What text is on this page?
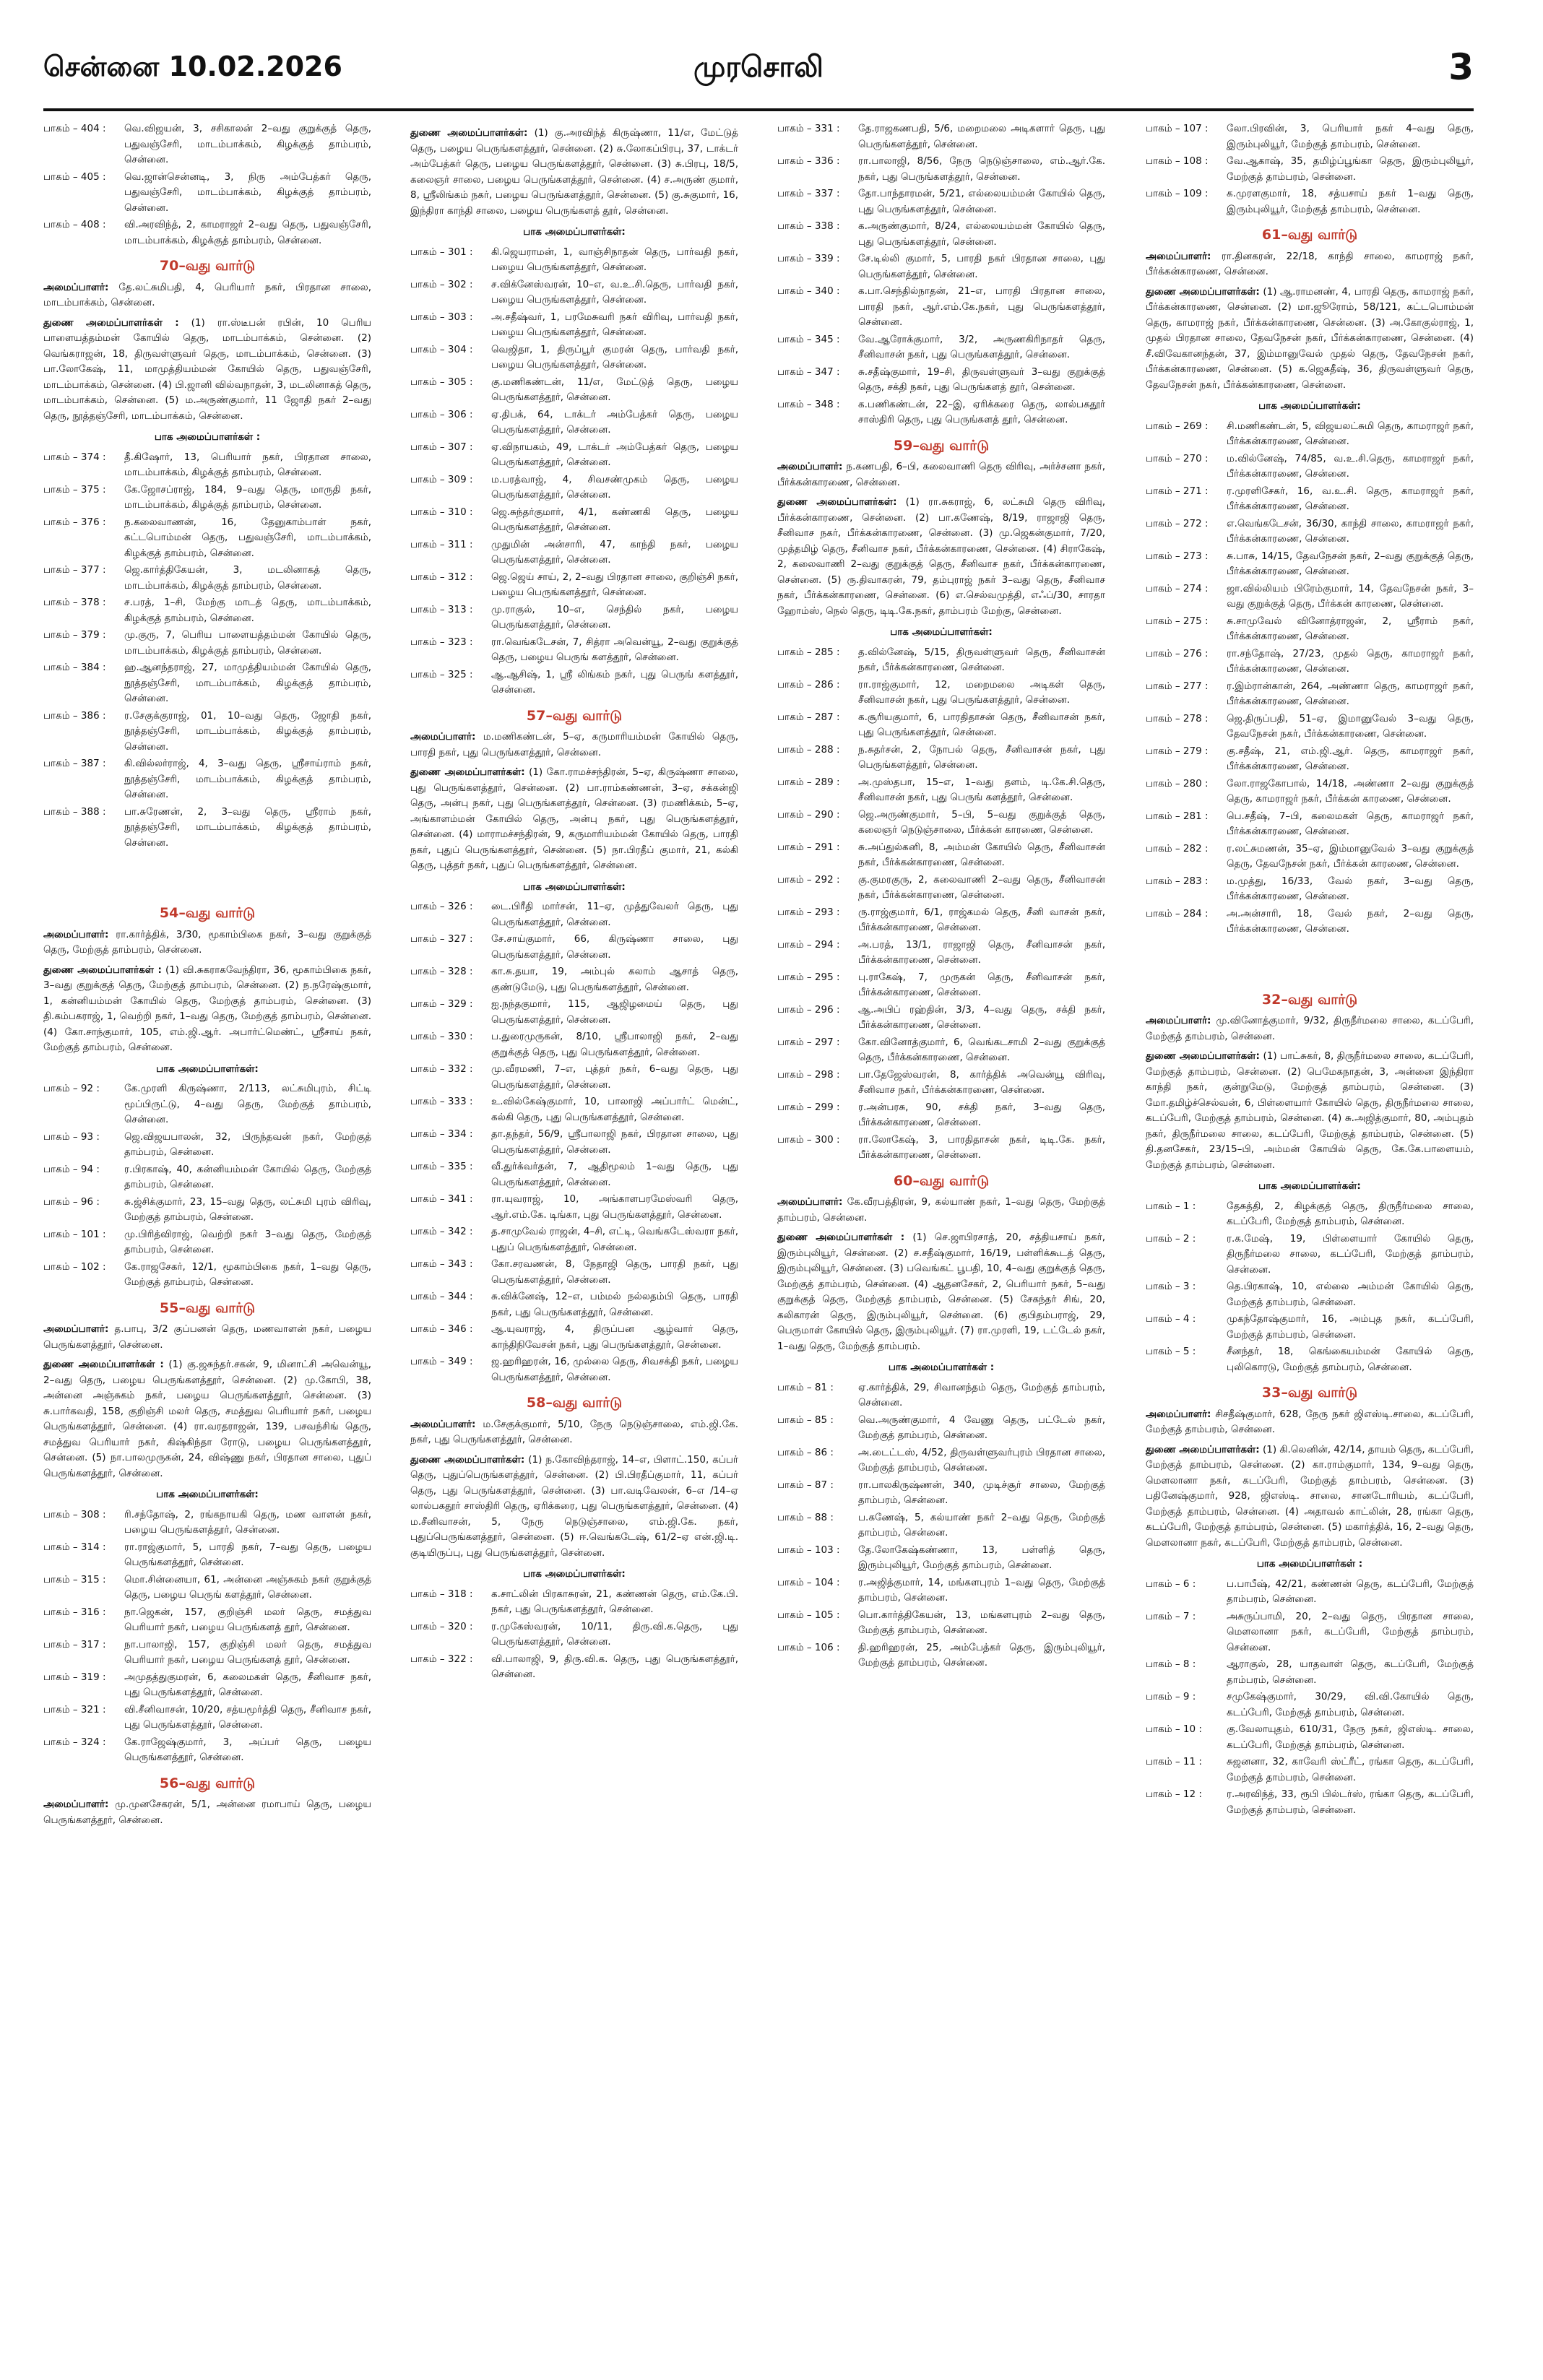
சென்னை 10.02.2026	முரசொலி	3
பாகம் – 404 :	வெ.விஜயன், 3, சசிகாலன் 2–வது குறுக்குத் தெரு, பதுவஞ்சேரி, மாடம்பாக்கம், கிழக்குத் தாம்பரம், சென்னை.
பாகம் – 405 :	வெ.ஜான்சென்னடி, 3, நிரு அம்பேத்கர் தெரு, பதுவஞ்சேரி, மாடம்பாக்கம், கிழக்குத் தாம்பரம், சென்னை.
பாகம் – 408 :	வி.அரவிந்த், 2, காமராஜர் 2–வது தெரு, பதுவஞ்சேரி, மாடம்பாக்கம், கிழக்குத் தாம்பரம், சென்னை.
70–வது வார்டு
அமைப்பாளர்: தே.லட்சுமிபதி, 4, பெரியார் நகர், பிரதான சாலை, மாடம்பாக்கம், சென்னை.
துணை அமைப்பாளர்கள் : (1) ரா.ஸ்டீபன் ரபின், 10 பெரிய பாளையத்தம்மன் கோயில் தெரு, மாடம்பாக்கம், சென்னை. (2) வெங்கராஜன், 18, திருவள்ளுவர் தெரு, மாடம்பாக்கம், சென்னை. (3) பா.லோகேஷ், 11, மாமுத்தியம்மன் கோயில் தெரு, பதுவஞ்சேரி, மாடம்பாக்கம், சென்னை. (4) பி.ஜானி வில்வநாதன், 3, மடலினாகத் தெரு, மாடம்பாக்கம், சென்னை. (5) ம.அருண்குமார், 11 ஜோதி நகர் 2–வது தெரு, நூத்தஞ்சேரி, மாடம்பாக்கம், சென்னை.
பாக அமைப்பாளர்கள் :
பாகம் – 374 :	தீ.கிஷோர், 13, பெரியார் நகர், பிரதான சாலை, மாடம்பாக்கம், கிழக்குத் தாம்பரம், சென்னை.
பாகம் – 375 :	கே.ஜோசப்ராஜ், 184, 9–வது தெரு, மாருதி நகர், மாடம்பாக்கம், கிழக்குத் தாம்பரம், சென்னை.
பாகம் – 376 :	ந.கலைவாணன், 16, தேனுகாம்பாள் நகர், கட்டபொம்மன் தெரு, பதுவஞ்சேரி, மாடம்பாக்கம், கிழக்குத் தாம்பரம், சென்னை.
பாகம் – 377 :	ஜெ.கார்த்திகேயன், 3, மடலினாகத் தெரு, மாடம்பாக்கம், கிழக்குத் தாம்பரம், சென்னை.
பாகம் – 378 :	ச.பரத், 1–சி, மேற்கு மாடத் தெரு, மாடம்பாக்கம், கிழக்குத் தாம்பரம், சென்னை.
பாகம் – 379 :	மு.குரு, 7, பெரிய பாளையத்தம்மன் கோயில் தெரு, மாடம்பாக்கம், கிழக்குத் தாம்பரம், சென்னை.
பாகம் – 384 :	ஹ.ஆனந்தராஜ், 27, மாமுத்தியம்மன் கோயில் தெரு, நூத்தஞ்சேரி, மாடம்பாக்கம், கிழக்குத் தாம்பரம், சென்னை.
பாகம் – 386 :	ர.சேகுக்குராஜ், 01, 10–வது தெரு, ஜோதி நகர், நூத்தஞ்சேரி, மாடம்பாக்கம், கிழக்குத் தாம்பரம், சென்னை.
பாகம் – 387 :	கி.வில்லர்ராஜ், 4, 3–வது தெரு, ஸ்ரீசாய்ராம் நகர், நூத்தஞ்சேரி, மாடம்பாக்கம், கிழக்குத் தாம்பரம், சென்னை.
பாகம் – 388 :	பா.சுரேணன், 2, 3–வது தெரு, ஸ்ரீராம் நகர், நூத்தஞ்சேரி, மாடம்பாக்கம், கிழக்குத் தாம்பரம், சென்னை.
54–வது வார்டு
அமைப்பாளர்: ரா.கார்த்திக், 3/30, மூகாம்பிகை நகர், 3–வது குறுக்குத் தெரு, மேற்குத் தாம்பரம், சென்னை.
துணை அமைப்பாளர்கள் : (1) வி.சுகராகவேந்திரா, 36, மூகாம்பிகை நகர், 3–வது குறுக்குத் தெரு, மேற்குத் தாம்பரம், சென்னை. (2) ந.நரேஷ்குமார், 1, கன்னியம்மன் கோயில் தெரு, மேற்குத் தாம்பரம், சென்னை. (3) தி.கம்பகராஜ், 1, வெற்றி நகர், 1–வது தெரு, மேற்குத் தாம்பரம், சென்னை. (4) கோ.சாந்குமார், 105, எம்.ஜி.ஆர். அபார்ட்மெண்ட், ஸ்ரீசாய் நகர், மேற்குத் தாம்பரம், சென்னை.
பாக அமைப்பாளர்கள்:
பாகம் – 92 :	கே.முரளி கிருஷ்ணா, 2/113, லட்சுமிபுரம், சிட்டி மூப்பிருட்டு, 4–வது தெரு, மேற்குத் தாம்பரம், சென்னை.
பாகம் – 93 :	ஜெ.விஜயபாலன், 32, பிருந்தவன் நகர், மேற்குத் தாம்பரம், சென்னை.
பாகம் – 94 :	ர.பிரகாஷ், 40, கன்னியம்மன் கோயில் தெரு, மேற்குத் தாம்பரம், சென்னை.
பாகம் – 96 :	சு.ஜ்சிக்குமார், 23, 15–வது தெரு, லட்சுமி புரம் விரிவு, மேற்குத் தாம்பரம், சென்னை.
பாகம் – 101 :	மு.பிரித்விராஜ், வெற்றி நகர் 3–வது தெரு, மேற்குத் தாம்பரம், சென்னை.
பாகம் – 102 :	கே.ராஜசேகர், 12/1, மூகாம்பிகை நகர், 1–வது தெரு, மேற்குத் தாம்பரம், சென்னை.
55–வது வார்டு
அமைப்பாளர்: த.பாபு, 3/2 குப்பனன் தெரு, மணவாளன் நகர், பழைய பெருங்களத்தூர், சென்னை.
துணை அமைப்பாளர்கள் : (1) கு.ஜசுந்தர்.சகன், 9, மினாட்சி அவென்யூ, 2–வது தெரு, பழைய பெருங்களத்தூர், சென்னை. (2) மு.கோபி, 38, அன்னை அஞ்சுகம் நகர், பழைய பெருங்களத்தூர், சென்னை. (3) சு.பார்கவதி, 158, குறிஞ்சி மலர் தெரு, சமத்துவ பெரியார் நகர், பழைய பெருங்களத்தூர், சென்னை. (4) ரா.வரதராஜன், 139, பசவந்சிங் தெரு, சமத்துவ பெரியார் நகர், கிஷ்கிந்தா ரோடு, பழைய பெருங்களத்தூர், சென்னை. (5) நா.பாலமுருகன், 24, விஷ்ணு நகர், பிரதான சாலை, புதுப் பெருங்களத்தூர், சென்னை.
பாக அமைப்பாளர்கள்:
பாகம் – 308 :	ரி.சந்தோஷ், 2, ரங்கநாயகி தெரு, மண வாளன் நகர், பழைய பெருங்களத்தூர், சென்னை.
பாகம் – 314 :	ரா.ராஜ்குமார், 5, பாரதி நகர், 7–வது தெரு, பழைய பெருங்களத்தூர், சென்னை.
பாகம் – 315 :	மொ.சின்னையா, 61, அன்னை அஞ்சுகம் நகர் குறுக்குத் தெரு, பழைய பெருங் களத்தூர், சென்னை.
பாகம் – 316 :	நா.ஜெகன், 157, குறிஞ்சி மலர் தெரு, சமத்துவ பெரியார் நகர், பழைய பெருங்களத் தூர், சென்னை.
பாகம் – 317 :	நா.பாலாஜி, 157, குறிஞ்சி மலர் தெரு, சமத்துவ பெரியார் நகர், பழைய பெருங்களத் தூர், சென்னை.
பாகம் – 319 :	அமுதத்துகுமரன், 6, கலைமகள் தெரு, சீனிவாச நகர், புது பெருங்களத்தூர், சென்னை.
பாகம் – 321 :	வி.சீனிவாசன், 10/20, சத்யமூர்த்தி தெரு, சீனிவாச நகர், புது பெருங்களத்தூர், சென்னை.
பாகம் – 324 :	கே.ராஜேஷ்குமார், 3, அப்பர் தெரு, பழைய பெருங்களத்தூர், சென்னை.
56–வது வார்டு
அமைப்பாளர்: மு.முனசேகரன், 5/1, அன்னை ரமாபாய் தெரு, பழைய பெருங்களத்தூர், சென்னை.
துணை அமைப்பாளர்கள்: (1) கு.அரவிந்த் கிருஷ்ணா, 11/எ, மேட்டுத் தெரு, பழைய பெருங்களத்தூர், சென்னை. (2) சு.லோகப்பிரபு, 37, டாக்டர் அம்பேத்கர் தெரு, பழைய பெருங்களத்தூர், சென்னை. (3) சு.பிரபு, 18/5, கலைஞர் சாலை, பழைய பெருங்களத்தூர், சென்னை. (4) ச.அருண் குமார், 8, ஸ்ரீலிங்கம் நகர், பழைய பெருங்களத்தூர், சென்னை. (5) கு.சுகுமார், 16, இந்திரா காந்தி சாலை, பழைய பெருங்களத் தூர், சென்னை.
பாக அமைப்பாளர்கள்:
பாகம் – 301 :	கி.ஜெயராமன், 1, வாஞ்சிநாதன் தெரு, பார்வதி நகர், பழைய பெருங்களத்தூர், சென்னை.
பாகம் – 302 :	ச.விக்னேஸ்வரன், 10–எ, வ.உ.சி.தெரு, பார்வதி நகர், பழைய பெருங்களத்தூர், சென்னை.
பாகம் – 303 :	அ.சதீஷ்வர், 1, பரமேசுவரி நகர் விரிவு, பார்வதி நகர், பழைய பெருங்களத்தூர், சென்னை.
பாகம் – 304 :	வெஜிதா, 1, திருப்பூர் குமரன் தெரு, பார்வதி நகர், பழைய பெருங்களத்தூர், சென்னை.
பாகம் – 305 :	கு.மணிகண்டன், 11/எ, மேட்டுத் தெரு, பழைய பெருங்களத்தூர், சென்னை.
பாகம் – 306 :	ஏ.திபக், 64, டாக்டர் அம்பேத்கர் தெரு, பழைய பெருங்களத்தூர், சென்னை.
பாகம் – 307 :	ஏ.விநாயகம், 49, டாக்டர் அம்பேத்கர் தெரு, பழைய பெருங்களத்தூர், சென்னை.
பாகம் – 309 :	ம.பரத்வாஜ், 4, சிவசண்முகம் தெரு, பழைய பெருங்களத்தூர், சென்னை.
பாகம் – 310 :	ஜெ.சுந்தர்குமார், 4/1, கண்ணகி தெரு, பழைய பெருங்களத்தூர், சென்னை.
பாகம் – 311 :	முதுமின் அன்சாரி, 47, காந்தி நகர், பழைய பெருங்களத்தூர், சென்னை.
பாகம் – 312 :	ஜெ.ஜெய் சாய், 2, 2–வது பிரதான சாலை, குறிஞ்சி நகர், பழைய பெருங்களத்தூர், சென்னை.
பாகம் – 313 :	மு.ராகுல், 10–எ, செந்தில் நகர், பழைய பெருங்களத்தூர், சென்னை.
பாகம் – 323 :	ரா.வெங்கடேசன், 7, சித்ரா அவென்யூ, 2–வது குறுக்குத் தெரு, பழைய பெருங் களத்தூர், சென்னை.
பாகம் – 325 :	ஆ.ஆசிஷ், 1, ஸ்ரீ லிங்கம் நகர், புது பெருங் களத்தூர், சென்னை.
57–வது வார்டு
அமைப்பாளர்: ம.மணிகண்டன், 5–ஏ, கருமாரியம்மன் கோயில் தெரு, பாரதி நகர், புது பெருங்களத்தூர், சென்னை.
துணை அமைப்பாளர்கள்: (1) கோ.ராமச்சந்திரன், 5–ஏ, கிருஷ்ணா சாலை, புது பெருங்களத்தூர், சென்னை. (2) பா.ராம்கண்ணன், 3–ஏ, சக்கன்ஜி தெரு, அன்பு நகர், புது பெருங்களத்தூர், சென்னை. (3) ரமணிக்கம், 5–ஏ, அங்காளம்மன் கோயில் தெரு, அன்பு நகர், புது பெருங்களத்தூர், சென்னை. (4) மாராமச்சந்திரன், 9, கருமாரியம்மன் கோயில் தெரு, பாரதி நகர், புதுப் பெருங்களத்தூர், சென்னை. (5) நா.பிரதீப் குமார், 21, கல்கி தெரு, புத்தர் நகர், புதுப் பெருங்களத்தூர், சென்னை.
பாக அமைப்பாளர்கள்:
பாகம் – 326 :	டை.பிரீதி மார்சன், 11–ஏ, முத்துவேலர் தெரு, புது பெருங்களத்தூர், சென்னை.
பாகம் – 327 :	சே.சாய்குமார், 66, கிருஷ்ணா சாலை, புது பெருங்களத்தூர், சென்னை.
பாகம் – 328 :	கா.சு.தயா, 19, அம்புல் கலாம் ஆசாத் தெரு, குண்டுமேடு, புது பெருங்களத்தூர், சென்னை.
பாகம் – 329 :	ஐ.நந்தகுமார், 115, ஆஜிழமைய் தெரு, புது பெருங்களத்தூர், சென்னை.
பாகம் – 330 :	ப.துரைமுருகன், 8/10, ஸ்ரீபாலாஜி நகர், 2–வது குறுக்குத் தெரு, புது பெருங்களத்தூர், சென்னை.
பாகம் – 332 :	மு.வீரமணி, 7–எ, புத்தர் நகர், 6–வது தெரு, புது பெருங்களத்தூர், சென்னை.
பாகம் – 333 :	உ.வில்கேஷ்குமார், 10, பாலாஜி அப்பார்ட் மென்ட், கல்கி தெரு, புது பெருங்களத்தூர், சென்னை.
பாகம் – 334 :	தா.தந்தர், 56/9, ஸ்ரீபாலாஜி நகர், பிரதான சாலை, புது பெருங்களத்தூர், சென்னை.
பாகம் – 335 :	வீ.துர்க்வர்தன், 7, ஆதிமூலம் 1–வது தெரு, புது பெருங்களத்தூர், சென்னை.
பாகம் – 341 :	ரா.யுவராஜ், 10, அங்காளபரமேஸ்வரி தெரு, ஆர்.எம்.கே. டிங்கா, புது பெருங்களத்தூர், சென்னை.
பாகம் – 342 :	த.சாமுவேல் ராஜன், 4–சி, எட்டி, வெங்கடேஸ்வரா நகர், புதுப் பெருங்களத்தூர், சென்னை.
பாகம் – 343 :	கோ.சரவணன், 8, நேதாஜி தெரு, பாரதி நகர், புது பெருங்களத்தூர், சென்னை.
பாகம் – 344 :	சு.விக்னேஷ், 12–எ, பம்மல் நல்லதம்பி தெரு, பாரதி நகர், புது பெருங்களத்தூர், சென்னை.
பாகம் – 346 :	ஆ.யுவராஜ், 4, திருப்பன ஆழ்வார் தெரு, காந்திநிவேசன் நகர், புது பெருங்களத்தூர், சென்னை.
பாகம் – 349 :	ஜ.ஹரிஹரன், 16, முல்லை தெரு, சிவசக்தி நகர், பழைய பெருங்களத்தூர், சென்னை.
58–வது வார்டு
அமைப்பாளர்: ம.சேகுக்குமார், 5/10, நேரு நெடுஞ்சாலை, எம்.ஜி.கே. நகர், புது பெருங்களத்தூர், சென்னை.
துணை அமைப்பாளர்கள்: (1) ந.கோவிந்தராஜ், 14–எ, பிளாட்.150, கப்பர் தெரு, புதுப்பெருங்களத்தூர், சென்னை. (2) பி.பிரதீப்குமார், 11, கப்பர் தெரு, புது பெருங்களத்தூர், சென்னை. (3) பா.வடிவேலன், 6–எ /14–ஏ லால்பகதூர் சாஸ்திரி தெரு, ஏரிக்கரை, புது பெருங்களத்தூர், சென்னை. (4) ம.சீனிவாசன், 5, நேரு நெடுஞ்சாலை, எம்.ஜி.கே. நகர், புதுப்பெருங்களத்தூர், சென்னை. (5) ஈ.வெங்கடேஷ், 61/2–ஏ என்.ஜி.டி. குடியிருப்பு, புது பெருங்களத்தூர், சென்னை.
பாக அமைப்பாளர்கள்:
பாகம் – 318 :	க.சாட்லின் பிரகாசுரன், 21, கண்ணன் தெரு, எம்.கே.பி. நகர், புது பெருங்களத்தூர், சென்னை.
பாகம் – 320 :	ர.முகேஸ்வரன், 10/11, திரு.வி.க.தெரு, புது பெருங்களத்தூர், சென்னை.
பாகம் – 322 :	வி.பாலாஜி, 9, திரு.வி.க. தெரு, புது பெருங்களத்தூர், சென்னை.
பாகம் – 331 :	தே.ராஜகணபதி, 5/6, மறைமலை அடிகளார் தெரு, புது பெருங்களத்தூர், சென்னை.
பாகம் – 336 :	ரா.பாலாஜி, 8/56, நேரு நெடுஞ்சாலை, எம்.ஆர்.கே. நகர், புது பெருங்களத்தூர், சென்னை.
பாகம் – 337 :	தோ.பாந்தாரமன், 5/21, எல்லையம்மன் கோயில் தெரு, புது பெருங்களத்தூர், சென்னை.
பாகம் – 338 :	க.அருண்குமார், 8/24, எல்லையம்மன் கோயில் தெரு, புது பெருங்களத்தூர், சென்னை.
பாகம் – 339 :	சே.டில்லி குமார், 5, பாரதி நகர் பிரதான சாலை, புது பெருங்களத்தூர், சென்னை.
பாகம் – 340 :	க.பா.செந்தில்நாதன், 21–எ, பாரதி பிரதான சாலை, பாரதி நகர், ஆர்.எம்.கே.நகர், புது பெருங்களத்தூர், சென்னை.
பாகம் – 345 :	வே.ஆரோக்குமார், 3/2, அருணகிரிநாதர் தெரு, சீனிவாசன் நகர், புது பெருங்களத்தூர், சென்னை.
பாகம் – 347 :	சு.சதீஷ்குமார், 19–சி, திருவள்ளுவர் 3–வது குறுக்குத் தெரு, சக்தி நகர், புது பெருங்களத் தூர், சென்னை.
பாகம் – 348 :	க.பணிகண்டன், 22–இ, ஏரிக்கரை தெரு, லால்பகதூர் சாஸ்திரி தெரு, புது பெருங்களத் தூர், சென்னை.
59–வது வார்டு
அமைப்பாளர்: ந.கணபதி, 6–பி, கலைவாணி தெரு விரிவு, அர்ச்சனா நகர், பீர்க்கன்காரணை, சென்னை.
துணை அமைப்பாளர்கள்: (1) ரா.சுகராஜ், 6, லட்சுமி தெரு விரிவு, பீர்க்கன்காரணை, சென்னை. (2) பா.கணேஷ், 8/19, ராஜாஜி தெரு, சீனிவாச நகர், பீர்க்கன்காரணை, சென்னை. (3) மு.ஜெகன்குமார், 7/20, முத்தமிழ் தெரு, சீனிவாச நகர், பீர்க்கன்காரணை, சென்னை. (4) சிராகேஷ், 2, கலைவாணி 2–வது குறுக்குத் தெரு, சீனிவாச நகர், பீர்க்கன்காரணை, சென்னை. (5) ரு.திவாகரன், 79, தம்புராஜ் நகர் 3–வது தெரு, சீனிவாச நகர், பீர்க்கன்காரணை, சென்னை. (6) எ.செல்வமுத்தி, எஃப்/30, சாரதா ஹோம்ஸ், நெல் தெரு, டிடி.கே.நகர், தாம்பரம் மேற்கு, சென்னை.
பாக அமைப்பாளர்கள்:
பாகம் – 285 :	த.வில்னேஷ், 5/15, திருவள்ளுவர் தெரு, சீனிவாசன் நகர், பீர்க்கன்காரணை, சென்னை.
பாகம் – 286 :	ரா.ராஜ்குமார், 12, மறைமலை அடிகள் தெரு, சீனிவாசன் நகர், புது பெருங்களத்தூர், சென்னை.
பாகம் – 287 :	க.சூரியகுமார், 6, பாரதிதாசன் தெரு, சீனிவாசன் நகர், புது பெருங்களத்தூர், சென்னை.
பாகம் – 288 :	ந.சுதர்சன், 2, நோபல் தெரு, சீனிவாசன் நகர், புது பெருங்களத்தூர், சென்னை.
பாகம் – 289 :	அ.முஸ்தபா, 15–எ, 1–வது தளம், டி.கே.சி.தெரு, சீனிவாசன் நகர், புது பெருங் களத்தூர், சென்னை.
பாகம் – 290 :	ஜெ.அருண்குமார், 5–பி, 5–வது குறுக்குத் தெரு, கலைஞர் நெடுஞ்சாலை, பீர்க்கன் காரணை, சென்னை.
பாகம் – 291 :	சு.அப்துல்கனி, 8, அம்மன் கோயில் தெரு, சீனிவாசன் நகர், பீர்க்கன்காரணை, சென்னை.
பாகம் – 292 :	கு.குமரகுரு, 2, கலைவாணி 2–வது தெரு, சீனிவாசன் நகர், பீர்க்கன்காரணை, சென்னை.
பாகம் – 293 :	ரு.ராஜ்குமார், 6/1, ராஜ்கமல் தெரு, சீனி வாசன் நகர், பீர்க்கன்காரணை, சென்னை.
பாகம் – 294 :	அ.பரத், 13/1, ராஜாஜி தெரு, சீனிவாசன் நகர், பீர்க்கன்காரணை, சென்னை.
பாகம் – 295 :	பு.ராகேஷ், 7, முருகன் தெரு, சீனிவாசன் நகர், பீர்க்கன்காரணை, சென்னை.
பாகம் – 296 :	ஆ.அபிப் ரஹ்தின், 3/3, 4–வது தெரு, சக்தி நகர், பீர்க்கன்காரணை, சென்னை.
பாகம் – 297 :	கோ.வினோத்குமார், 6, வெங்கடசாமி 2–வது குறுக்குத் தெரு, பீர்க்கன்காரணை, சென்னை.
பாகம் – 298 :	பா.தேஜேஸ்வரன், 8, கார்த்திக் அவென்யூ விரிவு, சீனிவாச நகர், பீர்க்கன்காரணை, சென்னை.
பாகம் – 299 :	ர.அன்பரசு, 90, சக்தி நகர், 3–வது தெரு, பீர்க்கன்காரணை, சென்னை.
பாகம் – 300 :	ரா.லோகேஷ், 3, பாரதிதாசன் நகர், டிடி.கே. நகர், பீர்க்கன்காரணை, சென்னை.
60–வது வார்டு
அமைப்பாளர்: கே.வீரபத்திரன், 9, கல்யாண் நகர், 1–வது தெரு, மேற்குத் தாம்பரம், சென்னை.
துணை அமைப்பாளர்கள் : (1) செ.ஜாபிரசாத், 20, சத்தியசாய் நகர், இரும்புலியூர், சென்னை. (2) ச.சதீஷ்குமார், 16/19, பள்ளிக்கூடத் தெரு, இரும்புலியூர், சென்னை. (3) பவெங்கட் பூபதி, 10, 4–வது குறுக்குத் தெரு, மேற்குத் தாம்பரம், சென்னை. (4) ஆதனசேகர், 2, பெரியார் நகர், 5–வது குறுக்குத் தெரு, மேற்குத் தாம்பரம், சென்னை. (5) சேகந்தர் சிங், 20, கலிகாரன் தெரு, இரும்புலியூர், சென்னை. (6) குபிதம்பராஜ், 29, பெருமாள் கோயில் தெரு, இரும்புலியூர். (7) ரா.முரளி, 19, டட்டேல் நகர், 1–வது தெரு, மேற்குத் தாம்பரம்.
பாக அமைப்பாளர்கள் :
பாகம் – 81 :	ஏ.கார்த்திக், 29, சிவானந்தம் தெரு, மேற்குத் தாம்பரம், சென்னை.
பாகம் – 85 :	வெ.அருண்குமார், 4 வேணு தெரு, பட்டேல் நகர், மேற்குத் தாம்பரம், சென்னை.
பாகம் – 86 :	அ.டைட்டஸ், 4/52, திருவள்ளுவர்புரம் பிரதான சாலை, மேற்குத் தாம்பரம், சென்னை.
பாகம் – 87 :	ரா.பாலகிருஷ்ணன், 340, முடிச்சூர் சாலை, மேற்குத் தாம்பரம், சென்னை.
பாகம் – 88 :	ப.கணேஷ், 5, கல்யாண் நகர் 2–வது தெரு, மேற்குத் தாம்பரம், சென்னை.
பாகம் – 103 :	தே.லோகேஷ்கண்ணா, 13, பள்ளித் தெரு, இரும்புலியூர், மேற்குத் தாம்பரம், சென்னை.
பாகம் – 104 :	ர.அஜித்குமார், 14, மங்களபுரம் 1–வது தெரு, மேற்குத் தாம்பரம், சென்னை.
பாகம் – 105 :	பொ.கார்த்திகேயன், 13, மங்களபுரம் 2–வது தெரு, மேற்குத் தாம்பரம், சென்னை.
பாகம் – 106 :	தி.ஹரிஹரன், 25, அம்பேத்கர் தெரு, இரும்புலியூர், மேற்குத் தாம்பரம், சென்னை.
பாகம் – 107 :	லோ.பிரவின், 3, பெரியார் நகர் 4–வது தெரு, இரும்புலியூர், மேற்குத் தாம்பரம், சென்னை.
பாகம் – 108 :	வே.ஆகாஷ், 35, தமிழ்ப்பூங்கா தெரு, இரும்புலியூர், மேற்குத் தாம்பரம், சென்னை.
பாகம் – 109 :	க.முரளகுமார், 18, சத்யசாய் நகர் 1–வது தெரு, இரும்புலியூர், மேற்குத் தாம்பரம், சென்னை.
61–வது வார்டு
அமைப்பாளர்: ரா.தினகரன், 22/18, காந்தி சாலை, காமராஜ் நகர், பீர்க்கன்காரணை, சென்னை.
துணை அமைப்பாளர்கள்: (1) ஆ.ராமனண், 4, பாரதி தெரு, காமராஜ் நகர், பீர்க்கன்காரணை, சென்னை. (2) மா.ஜூரோம், 58/121, கட்டபொம்மன் தெரு, காமராஜ் நகர், பீர்க்கன்காரணை, சென்னை. (3) அ.கோகுல்ராஜ், 1, முதல் பிரதான சாலை, தேவநேசன் நகர், பீர்க்கன்காரணை, சென்னை. (4) சீ.விவேகானந்தன், 37, இம்மானுவேல் முதல் தெரு, தேவநேசன் நகர், பீர்க்கன்காரணை, சென்னை. (5) க.ஜெகதீஷ், 36, திருவள்ளுவர் தெரு, தேவநேசன் நகர், பீர்க்கன்காரணை, சென்னை.
பாக அமைப்பாளர்கள்:
பாகம் – 269 :	சி.மணிகண்டன், 5, விஜயலட்சுமி தெரு, காமராஜர் நகர், பீர்க்கன்காரணை, சென்னை.
பாகம் – 270 :	ம.வில்னேஷ், 74/85, வ.உ.சி.தெரு, காமராஜர் நகர், பீர்க்கன்காரணை, சென்னை.
பாகம் – 271 :	ர.முரளிசேகர், 16, வ.உ.சி. தெரு, காமராஜர் நகர், பீர்க்கன்காரணை, சென்னை.
பாகம் – 272 :	எ.வெங்கடேசன், 36/30, காந்தி சாலை, காமராஜர் நகர், பீர்க்கன்காரணை, சென்னை.
பாகம் – 273 :	சு.பாசு, 14/15, தேவநேசன் நகர், 2–வது குறுக்குத் தெரு, பீர்க்கன்காரணை, சென்னை.
பாகம் – 274 :	ஜா.வில்லியம் பிரேம்குமார், 14, தேவநேசன் நகர், 3–வது குறுக்குத் தெரு, பீர்க்கன் காரணை, சென்னை.
பாகம் – 275 :	சு.சாமுவேல் வினோத்ராஜன், 2, ஸ்ரீராம் நகர், பீர்க்கன்காரணை, சென்னை.
பாகம் – 276 :	ரா.சந்தோஷ், 27/23, முதல் தெரு, காமராஜர் நகர், பீர்க்கன்காரணை, சென்னை.
பாகம் – 277 :	ர.இம்ரான்கான், 264, அண்ணா தெரு, காமராஜர் நகர், பீர்க்கன்காரணை, சென்னை.
பாகம் – 278 :	ஜெ.திருப்பதி, 51–ஏ, இமானுவேல் 3–வது தெரு, தேவநேசன் நகர், பீர்க்கன்காரணை, சென்னை.
பாகம் – 279 :	கு.சதீஷ், 21, எம்.ஜி.ஆர். தெரு, காமராஜர் நகர், பீர்க்கன்காரணை, சென்னை.
பாகம் – 280 :	லோ.ராஜகோபால், 14/18, அண்ணா 2–வது குறுக்குத் தெரு, காமராஜர் நகர், பீர்க்கன் காரணை, சென்னை.
பாகம் – 281 :	பெ.சதீஷ், 7–பி, கலைமகள் தெரு, காமராஜர் நகர், பீர்க்கன்காரணை, சென்னை.
பாகம் – 282 :	ர.லட்சுமணன், 35–ஏ, இம்மானுவேல் 3–வது குறுக்குத் தெரு, தேவநேசன் நகர், பீர்க்கன் காரணை, சென்னை.
பாகம் – 283 :	ம.முத்து, 16/33, வேல் நகர், 3–வது தெரு, பீர்க்கன்காரணை, சென்னை.
பாகம் – 284 :	அ.அன்சாரி, 18, வேல் நகர், 2–வது தெரு, பீர்க்கன்காரணை, சென்னை.
32–வது வார்டு
அமைப்பாளர்: மு.வினோத்குமார், 9/32, திருநீர்மலை சாலை, கடப்பேரி, மேற்குத் தாம்பரம், சென்னை.
துணை அமைப்பாளர்கள்: (1) பாட்சுகர், 8, திருநீர்மலை சாலை, கடப்பேரி, மேற்குத் தாம்பரம், சென்னை. (2) பெமேகநாதன், 3, அன்னை இந்திரா காந்தி நகர், குன்றுமேடு, மேற்குத் தாம்பரம், சென்னை. (3) மோ.தமிழ்ச்செல்வன், 6, பிள்ளையார் கோயில் தெரு, திருநீர்மலை சாலை, கடப்பேரி, மேற்குத் தாம்பரம், சென்னை. (4) சு.அஜித்குமார், 80, அம்புதம் நகர், திருநீர்மலை சாலை, கடப்பேரி, மேற்குத் தாம்பரம், சென்னை. (5) தி.தனசேகர், 23/15–பி, அம்மன் கோயில் தெரு, கே.கே.பாளையம், மேற்குத் தாம்பரம், சென்னை.
பாக அமைப்பாளர்கள்:
பாகம் – 1 :	தேசுத்தி, 2, கிழக்குத் தெரு, திருநீர்மலை சாலை, கடப்பேரி, மேற்குத் தாம்பரம், சென்னை.
பாகம் – 2 :	ர.க.மேஷ், 19, பிள்ளையார் கோயில் தெரு, திருநீர்மலை சாலை, கடப்பேரி, மேற்குத் தாம்பரம், சென்னை.
பாகம் – 3 :	தெ.பிரகாஷ், 10, எல்லை அம்மன் கோயில் தெரு, மேற்குத் தாம்பரம், சென்னை.
பாகம் – 4 :	முகந்தோஷ்குமார், 16, அம்புத நகர், கடப்பேரி, மேற்குத் தாம்பரம், சென்னை.
பாகம் – 5 :	சீனந்தர், 18, கெங்கையம்மன் கோயில் தெரு, புலிகொரடு, மேற்குத் தாம்பரம், சென்னை.
33–வது வார்டு
அமைப்பாளர்: சிசதீஷ்குமார், 628, நேரு நகர் ஜிஎஸ்டி.சாலை, கடப்பேரி, மேற்குத் தாம்பரம், சென்னை.
துணை அமைப்பாளர்கள்: (1) கி.லெனின், 42/14, தாயம் தெரு, கடப்பேரி, மேற்குத் தாம்பரம், சென்னை. (2) கா.ராம்குமார், 134, 9–வது தெரு, மௌலானா நகர், கடப்பேரி, மேற்குத் தாம்பரம், சென்னை. (3) பதினேஷ்குமார், 928, ஜிஎஸ்டி. சாலை, சானடோரியம், கடப்பேரி, மேற்குத் தாம்பரம், சென்னை. (4) அதாவல் காட்லின், 28, ரங்கா தெரு, கடப்பேரி, மேற்குத் தாம்பரம், சென்னை. (5) மகார்த்திக், 16, 2–வது தெரு, மௌலானா நகர், கடப்பேரி, மேற்குத் தாம்பரம், சென்னை.
பாக அமைப்பாளர்கள் :
பாகம் – 6 :	ப.பாபீஷ், 42/21, கண்ணன் தெரு, கடப்பேரி, மேற்குத் தாம்பரம், சென்னை.
பாகம் – 7 :	அசுருப்பாமி, 20, 2–வது தெரு, பிரதான சாலை, மௌலானா நகர், கடப்பேரி, மேற்குத் தாம்பரம், சென்னை.
பாகம் – 8 :	ஆராகுல், 28, யாதவாள் தெரு, கடப்பேரி, மேற்குத் தாம்பரம், சென்னை.
பாகம் – 9 :	சமுகேஷ்குமார், 30/29, வி.வி.கோயில் தெரு, கடப்பேரி, மேற்குத் தாம்பரம், சென்னை.
பாகம் – 10 :	கு.வேலாயுதம், 610/31, நேரு நகர், ஜிஎஸ்டி. சாலை, கடப்பேரி, மேற்குத் தாம்பரம், சென்னை.
பாகம் – 11 :	சுஜனனா, 32, காவேரி ஸ்ட்ரீட், ரங்கா தெரு, கடப்பேரி, மேற்குத் தாம்பரம், சென்னை.
பாகம் – 12 :	ர.அரவிந்த், 33, ரூபி பில்டர்ஸ், ரங்கா தெரு, கடப்பேரி, மேற்குத் தாம்பரம், சென்னை.
